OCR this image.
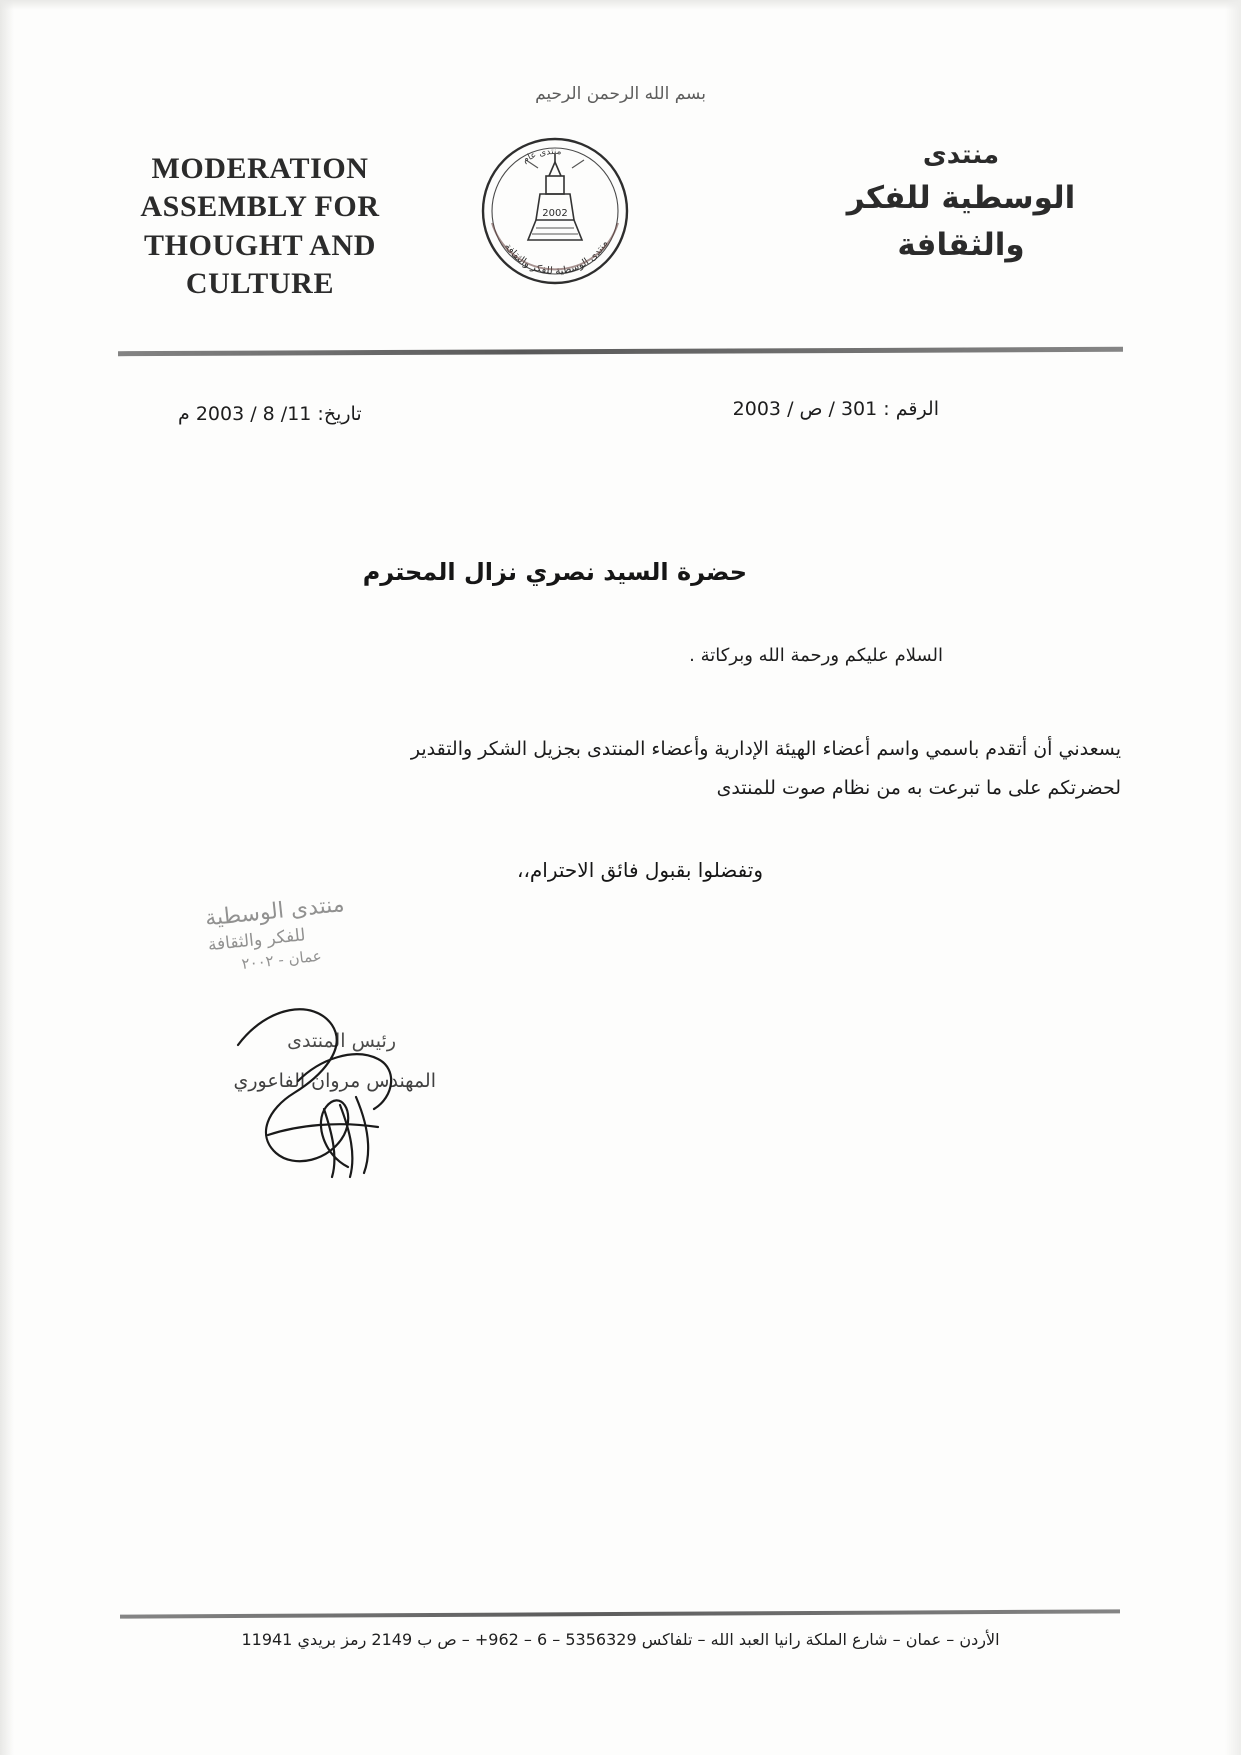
بسم الله الرحمن الرحيم
MODERATION ASSEMBLY FOR THOUGHT AND CULTURE
2002
منتدى عام
منتدى الوسطية للفكر والثقافة
منتدى
الوسطية للفكر
والثقافة
الرقم : 301 / ص / 2003
تاريخ: 11/ 8 / 2003 م
حضرة السيد نصري نزال المحترم
السلام عليكم ورحمة الله وبركاتة .
يسعدني أن أتقدم باسمي واسم أعضاء الهيئة الإدارية وأعضاء المنتدى بجزيل الشكر والتقدير
لحضرتكم على ما تبرعت به من نظام صوت للمنتدى
وتفضلوا بقبول فائق الاحترام،،
منتدى الوسطية
للفكر والثقافة
عمان - ٢٠٠٢
رئيس المنتدى
المهندس مروان الفاعوري
الأردن – عمان – شارع الملكة رانيا العبد الله – تلفاكس 5356329 – 6 – 962+ – ص ب 2149 رمز بريدي 11941
